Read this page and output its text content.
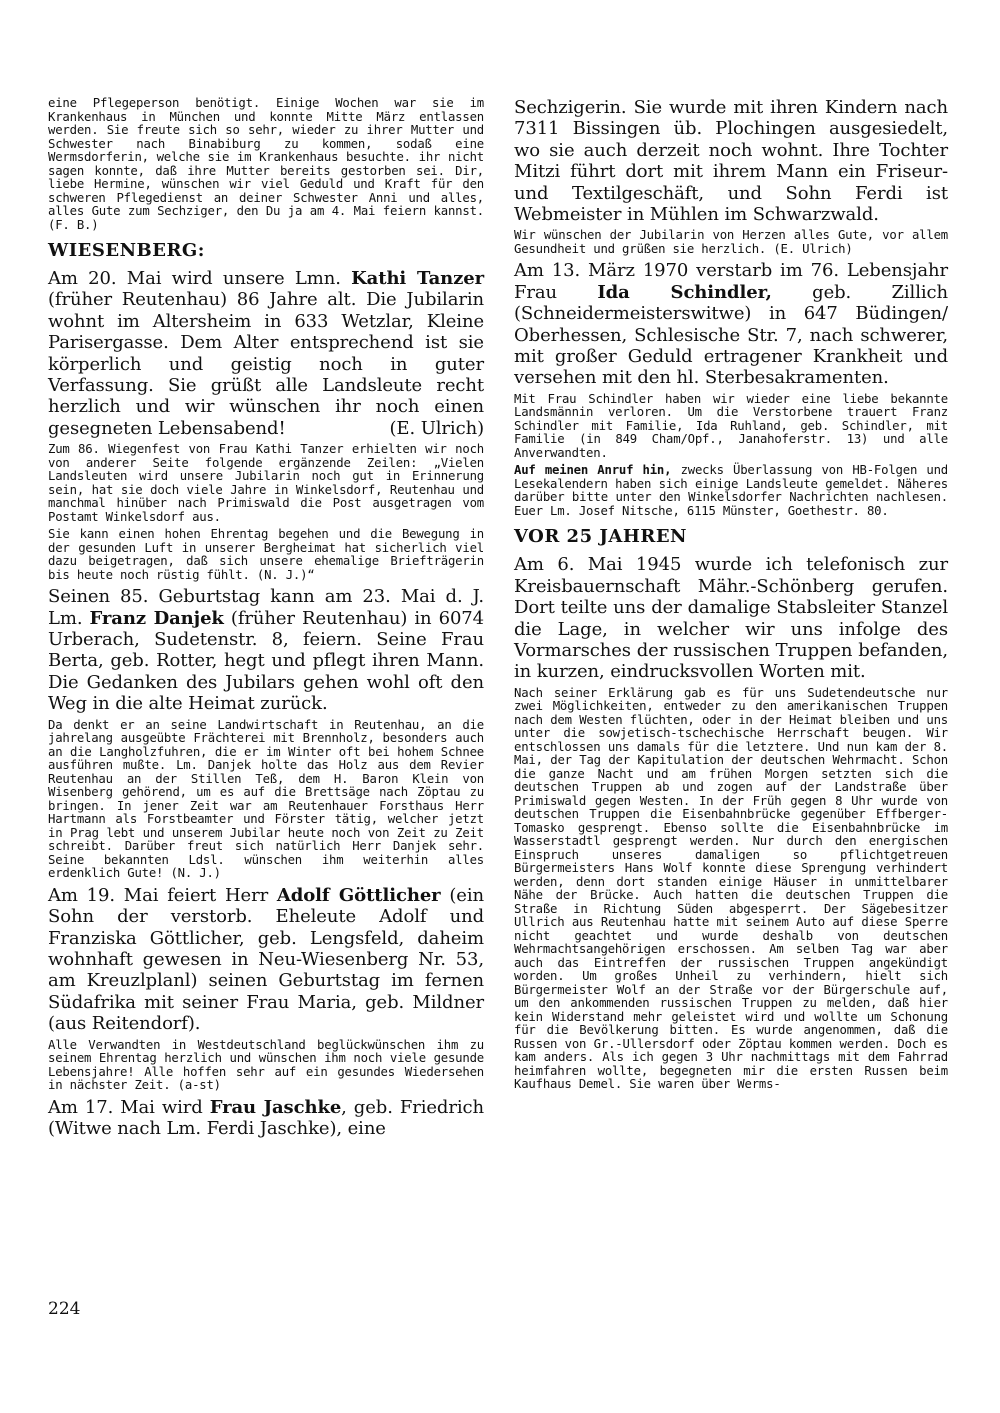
eine Pflegeperson benötigt. Einige Wochen war sie im Krankenhaus in München und konnte Mitte März entlassen werden. Sie freute sich so sehr, wieder zu ihrer Mutter und Schwester nach Binabiburg zu kommen, sodaß eine Wermsdorferin, welche sie im Krankenhaus besuchte. ihr nicht sagen konnte, daß ihre Mutter bereits gestorben sei. Dir, liebe Hermine, wünschen wir viel Geduld und Kraft für den schweren Pflegedienst an deiner Schwester Anni und alles, alles Gute zum Sechziger, den Du ja am 4. Mai feiern kannst. (F. B.)

WIESENBERG:

Am 20. Mai wird unsere Lmn. Kathi Tanzer (früher Reutenhau) 86 Jahre alt. Die Jubilarin wohnt im Altersheim in 633 Wetzlar, Kleine Parisergasse. Dem Alter entsprechend ist sie körperlich und geistig noch in guter Verfassung. Sie grüßt alle Landsleute recht herzlich und wir wünschen ihr noch einen gesegneten Lebensabend!	(E. Ulrich)

Zum 86. Wiegenfest von Frau Kathi Tanzer erhielten wir noch von anderer Seite folgende ergänzende Zeilen: „Vielen Landsleuten wird unsere Jubilarin noch gut in Erinnerung sein, hat sie doch viele Jahre in Winkelsdorf, Reutenhau und manchmal hinüber nach Primiswald die Post ausgetragen vom Postamt Winkelsdorf aus.

Sie kann einen hohen Ehrentag begehen und die Bewegung in der gesunden Luft in unserer Bergheimat hat sicherlich viel dazu beigetragen, daß sich unsere ehemalige Briefträgerin bis heute noch rüstig fühlt. (N. J.)“

Seinen 85. Geburtstag kann am 23. Mai d. J. Lm. Franz Danjek (früher Reutenhau) in 6074 Urberach, Sudetenstr. 8, feiern. Seine Frau Berta, geb. Rotter, hegt und pflegt ihren Mann. Die Gedanken des Jubilars gehen wohl oft den Weg in die alte Heimat zurück.

Da denkt er an seine Landwirtschaft in Reutenhau, an die jahrelang ausgeübte Frächterei mit Brennholz, besonders auch an die Langholzfuhren, die er im Winter oft bei hohem Schnee ausführen mußte. Lm. Danjek holte das Holz aus dem Revier Reutenhau an der Stillen Teß, dem H. Baron Klein von Wisenberg gehörend, um es auf die Brettsäge nach Zöptau zu bringen. In jener Zeit war am Reutenhauer Forsthaus Herr Hartmann als Forstbeamter und Förster tätig, welcher jetzt in Prag lebt und unserem Jubilar heute noch von Zeit zu Zeit schreibt. Darüber freut sich natürlich Herr Danjek sehr. Seine bekannten Ldsl. wünschen ihm weiterhin alles erdenklich Gute! (N. J.)

Am 19. Mai feiert Herr Adolf Göttlicher (ein Sohn der verstorb. Eheleute Adolf und Franziska Göttlicher, geb. Lengsfeld, daheim wohnhaft gewesen in Neu-Wiesenberg Nr. 53, am Kreuzlplanl) seinen Geburtstag im fernen Südafrika mit seiner Frau Maria, geb. Mildner (aus Reitendorf).

Alle Verwandten in Westdeutschland beglückwünschen ihm zu seinem Ehrentag herzlich und wünschen ihm noch viele gesunde Lebensjahre! Alle hoffen sehr auf ein gesundes Wiedersehen in nächster Zeit. (a-st)

Am 17. Mai wird Frau Jaschke, geb. Friedrich (Witwe nach Lm. Ferdi Jaschke), eine

Sechzigerin. Sie wurde mit ihren Kindern nach 7311 Bissingen üb. Plochingen ausgesiedelt, wo sie auch derzeit noch wohnt. Ihre Tochter Mitzi führt dort mit ihrem Mann ein Friseur- und Textilgeschäft, und Sohn Ferdi ist Webmeister in Mühlen im Schwarzwald.

Wir wünschen der Jubilarin von Herzen alles Gute, vor allem Gesundheit und grüßen sie herzlich. (E. Ulrich)

Am 13. März 1970 verstarb im 76. Lebensjahr Frau Ida Schindler, geb. Zillich (Schneidermeisterswitwe) in 647 Büdingen/ Oberhessen, Schlesische Str. 7, nach schwerer, mit großer Geduld ertragener Krankheit und versehen mit den hl. Sterbesakramenten.

Mit Frau Schindler haben wir wieder eine liebe bekannte Landsmännin verloren. Um die Verstorbene trauert Franz Schindler mit Familie, Ida Ruhland, geb. Schindler, mit Familie (in 849 Cham/Opf., Janahoferstr. 13) und alle Anverwandten.

Auf meinen Anruf hin, zwecks Überlassung von HB-Folgen und Lesekalendern haben sich einige Landsleute gemeldet. Näheres darüber bitte unter den Winkelsdorfer Nachrichten nachlesen. Euer Lm. Josef Nitsche, 6115 Münster, Goethestr. 80.

VOR 25 JAHREN

Am 6. Mai 1945 wurde ich telefonisch zur Kreisbauernschaft Mähr.-Schönberg gerufen. Dort teilte uns der damalige Stabsleiter Stanzel die Lage, in welcher wir uns infolge des Vormarsches der russischen Truppen befanden, in kurzen, eindrucksvollen Worten mit.

Nach seiner Erklärung gab es für uns Sudetendeutsche nur zwei Möglichkeiten, entweder zu den amerikanischen Truppen nach dem Westen flüchten, oder in der Heimat bleiben und uns unter die sowjetisch-tschechische Herrschaft beugen. Wir entschlossen uns damals für die letztere. Und nun kam der 8. Mai, der Tag der Kapitulation der deutschen Wehrmacht. Schon die ganze Nacht und am frühen Morgen setzten sich die deutschen Truppen ab und zogen auf der Landstraße über Primiswald gegen Westen. In der Früh gegen 8 Uhr wurde von deutschen Truppen die Eisenbahnbrücke gegenüber Effberger-Tomasko gesprengt. Ebenso sollte die Eisenbahnbrücke im Wasserstadtl gesprengt werden. Nur durch den energischen Einspruch unseres damaligen so pflichtgetreuen Bürgermeisters Hans Wolf konnte diese Sprengung verhindert werden, denn dort standen einige Häuser in unmittelbarer Nähe der Brücke. Auch hatten die deutschen Truppen die Straße in Richtung Süden abgesperrt. Der Sägebesitzer Ullrich aus Reutenhau hatte mit seinem Auto auf diese Sperre nicht geachtet und wurde deshalb von deutschen Wehrmachtsangehörigen erschossen. Am selben Tag war aber auch das Eintreffen der russischen Truppen angekündigt worden. Um großes Unheil zu verhindern, hielt sich Bürgermeister Wolf an der Straße vor der Bürgerschule auf, um den ankommenden russischen Truppen zu melden, daß hier kein Widerstand mehr geleistet wird und wollte um Schonung für die Bevölkerung bitten. Es wurde angenommen, daß die Russen von Gr.-Ullersdorf oder Zöptau kommen werden. Doch es kam anders. Als ich gegen 3 Uhr nachmittags mit dem Fahrrad heimfahren wollte, begegneten mir die ersten Russen beim Kaufhaus Demel. Sie waren über Werms-

224
